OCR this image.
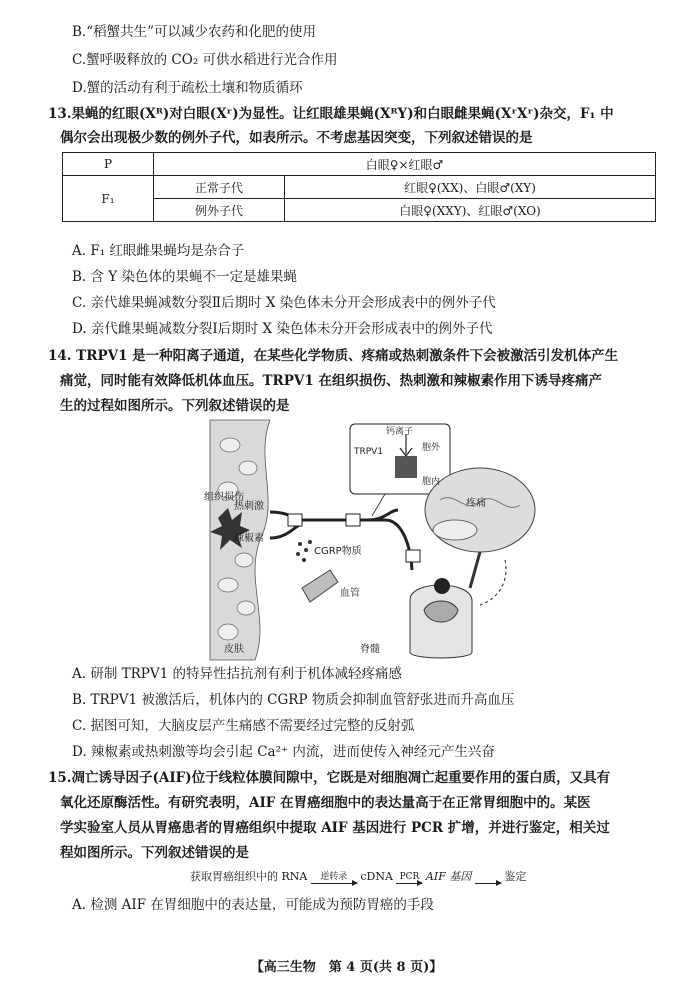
B.“稻蟹共生”可以减少农药和化肥的使用
C.蟹呼吸释放的 CO₂ 可供水稻进行光合作用
D.蟹的活动有利于疏松土壤和物质循环
13.果蝇的红眼(Xᴿ)对白眼(Xʳ)为显性。让红眼雄果蝇(XᴿY)和白眼雌果蝇(XʳXʳ)杂交，F₁ 中
偶尔会出现极少数的例外子代，如表所示。不考虑基因突变，下列叙述错误的是
P	白眼♀×红眼♂	
F₁	正常子代	红眼♀(XX)、白眼♂(XY)
	例外子代	白眼♀(XXY)、红眼♂(XO)
A. F₁ 红眼雌果蝇均是杂合子
B. 含 Y 染色体的果蝇不一定是雄果蝇
C. 亲代雄果蝇减数分裂Ⅱ后期时 X 染色体未分开会形成表中的例外子代
D. 亲代雌果蝇减数分裂Ⅰ后期时 X 染色体未分开会形成表中的例外子代
14. TRPV1 是一种阳离子通道，在某些化学物质、疼痛或热刺激条件下会被激活引发机体产生
痛觉，同时能有效降低机体血压。TRPV1 在组织损伤、热刺激和辣椒素作用下诱导疼痛产
生的过程如图所示。下列叙述错误的是
组织损伤
热刺激
辣椒素
CGRP物质
血管
皮肤	脊髓
疼痛
TRPV1
钙离子
胞外
胞内
A. 研制 TRPV1 的特异性拮抗剂有利于机体减轻疼痛感
B. TRPV1 被激活后，机体内的 CGRP 物质会抑制血管舒张进而升高血压
C. 据图可知，大脑皮层产生痛感不需要经过完整的反射弧
D. 辣椒素或热刺激等均会引起 Ca²⁺ 内流，进而使传入神经元产生兴奋
15.凋亡诱导因子(AIF)位于线粒体膜间隙中，它既是对细胞凋亡起重要作用的蛋白质，又具有
氧化还原酶活性。有研究表明，AIF 在胃癌细胞中的表达量高于在正常胃细胞中的。某医
学实验室人员从胃癌患者的胃癌组织中提取 AIF 基因进行 PCR 扩增，并进行鉴定，相关过
程如图所示。下列叙述错误的是
获取胃癌组织中的 RNA	逆转录	cDNA PCR AIF 基因	鉴定
A. 检测 AIF 在胃细胞中的表达量，可能成为预防胃癌的手段
【高三生物　第 4 页(共 8 页)】
